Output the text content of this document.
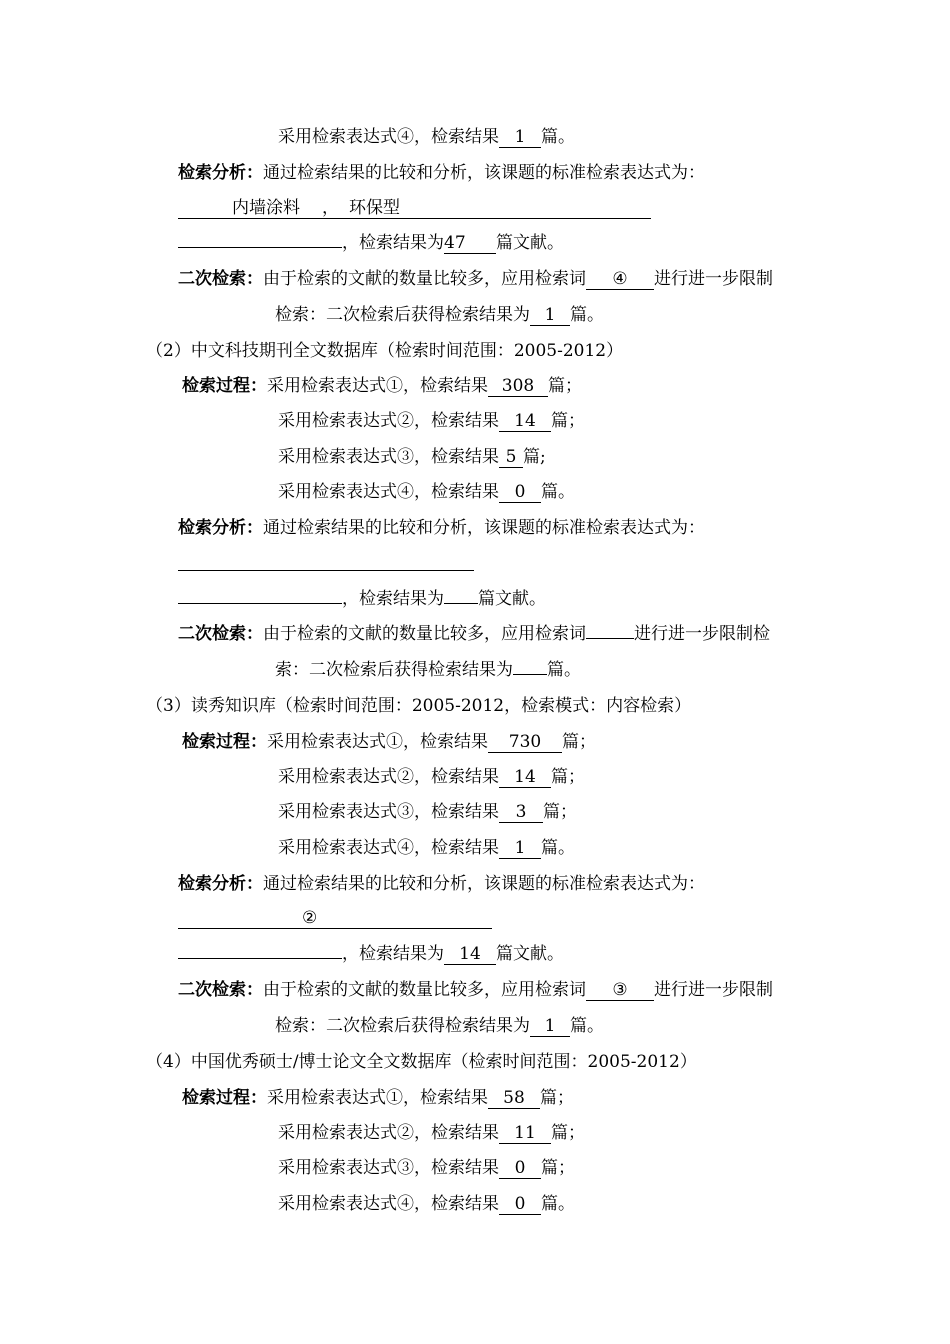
采用检索表达式④，检索结果 1 篇。
检索分析：通过检索结果的比较和分析，该课题的标准检索表达式为：
内墙涂料 ， 环保型
，检索结果为47 篇文献。
二次检索：由于检索的文献的数量比较多，应用检索词 ④ 进行进一步限制
检索：二次检索后获得检索结果为 1 篇。
（2）中文科技期刊全文数据库（检索时间范围：2005-2012）
检索过程：采用检索表达式①，检索结果 308 篇；
采用检索表达式②，检索结果 14 篇；
采用检索表达式③，检索结果 5 篇;
采用检索表达式④，检索结果 0 篇。
检索分析：通过检索结果的比较和分析，该课题的标准检索表达式为：
，检索结果为 篇文献。
二次检索：由于检索的文献的数量比较多，应用检索词	进行进一步限制检
索：二次检索后获得检索结果为 篇。
（3）读秀知识库（检索时间范围：2005-2012，检索模式：内容检索）
检索过程：采用检索表达式①，检索结果 730 篇；
采用检索表达式②，检索结果 14 篇；
采用检索表达式③，检索结果 3 篇；
采用检索表达式④，检索结果 1 篇。
检索分析：通过检索结果的比较和分析，该课题的标准检索表达式为：
②
，检索结果为 14 篇文献。
二次检索：由于检索的文献的数量比较多，应用检索词 ③ 进行进一步限制
检索：二次检索后获得检索结果为 1 篇。
（4）中国优秀硕士/博士论文全文数据库（检索时间范围：2005-2012）
检索过程：采用检索表达式①，检索结果 58 篇；
采用检索表达式②，检索结果 11 篇；
采用检索表达式③，检索结果 0 篇；
采用检索表达式④，检索结果 0 篇。
